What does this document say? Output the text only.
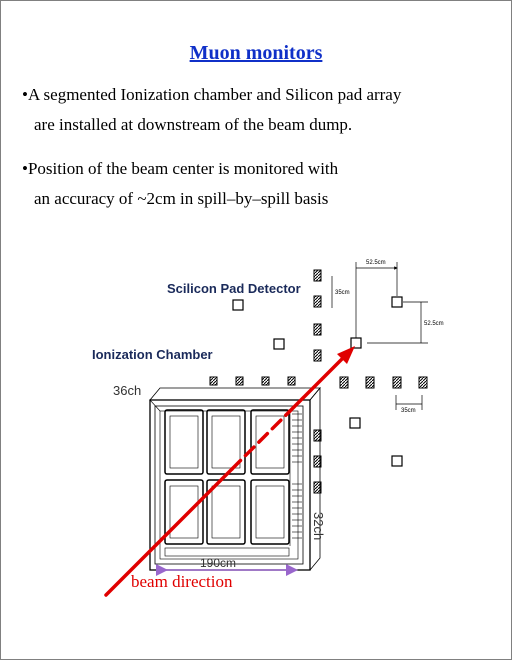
Muon monitors
•A segmented Ionization chamber and Silicon pad array
are installed at downstream of the beam dump.
•Position of the beam center is monitored with
an accuracy of ~2cm in spill–by–spill basis
Scilicon Pad Detector
Ionization Chamber
36ch
32ch
190cm
beam direction
52.5cm
35cm
52.5cm
35cm
